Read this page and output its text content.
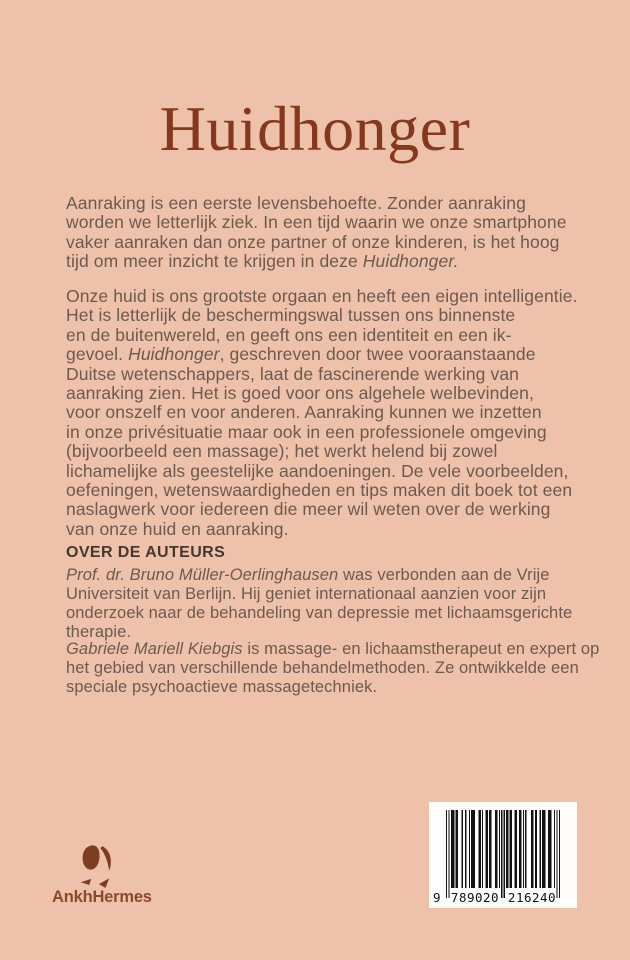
Huidhonger
Aanraking is een eerste levensbehoefte. Zonder aanraking
worden we letterlijk ziek. In een tijd waarin we onze smartphone
vaker aanraken dan onze partner of onze kinderen, is het hoog
tijd om meer inzicht te krijgen in deze Huidhonger.
Onze huid is ons grootste orgaan en heeft een eigen intelligentie.
Het is letterlijk de beschermingswal tussen ons binnenste
en de buitenwereld, en geeft ons een identiteit en een ik-
gevoel. Huidhonger, geschreven door twee vooraanstaande
Duitse wetenschappers, laat de fascinerende werking van
aanraking zien. Het is goed voor ons algehele welbevinden,
voor onszelf en voor anderen. Aanraking kunnen we inzetten
in onze privésituatie maar ook in een professionele omgeving
(bijvoorbeeld een massage); het werkt helend bij zowel
lichamelijke als geestelijke aandoeningen. De vele voorbeelden,
oefeningen, wetenswaardigheden en tips maken dit boek tot een
naslagwerk voor iedereen die meer wil weten over de werking
van onze huid en aanraking.
OVER DE AUTEURS
Prof. dr. Bruno Müller-Oerlinghausen was verbonden aan de Vrije
Universiteit van Berlijn. Hij geniet internationaal aanzien voor zijn
onderzoek naar de behandeling van depressie met lichaamsgerichte
therapie.
Gabriele Mariell Kiebgis is massage- en lichaamstherapeut en expert op
het gebied van verschillende behandelmethoden. Ze ontwikkelde een
speciale psychoactieve massagetechniek.
AnkhHermes	9 789020 216240
